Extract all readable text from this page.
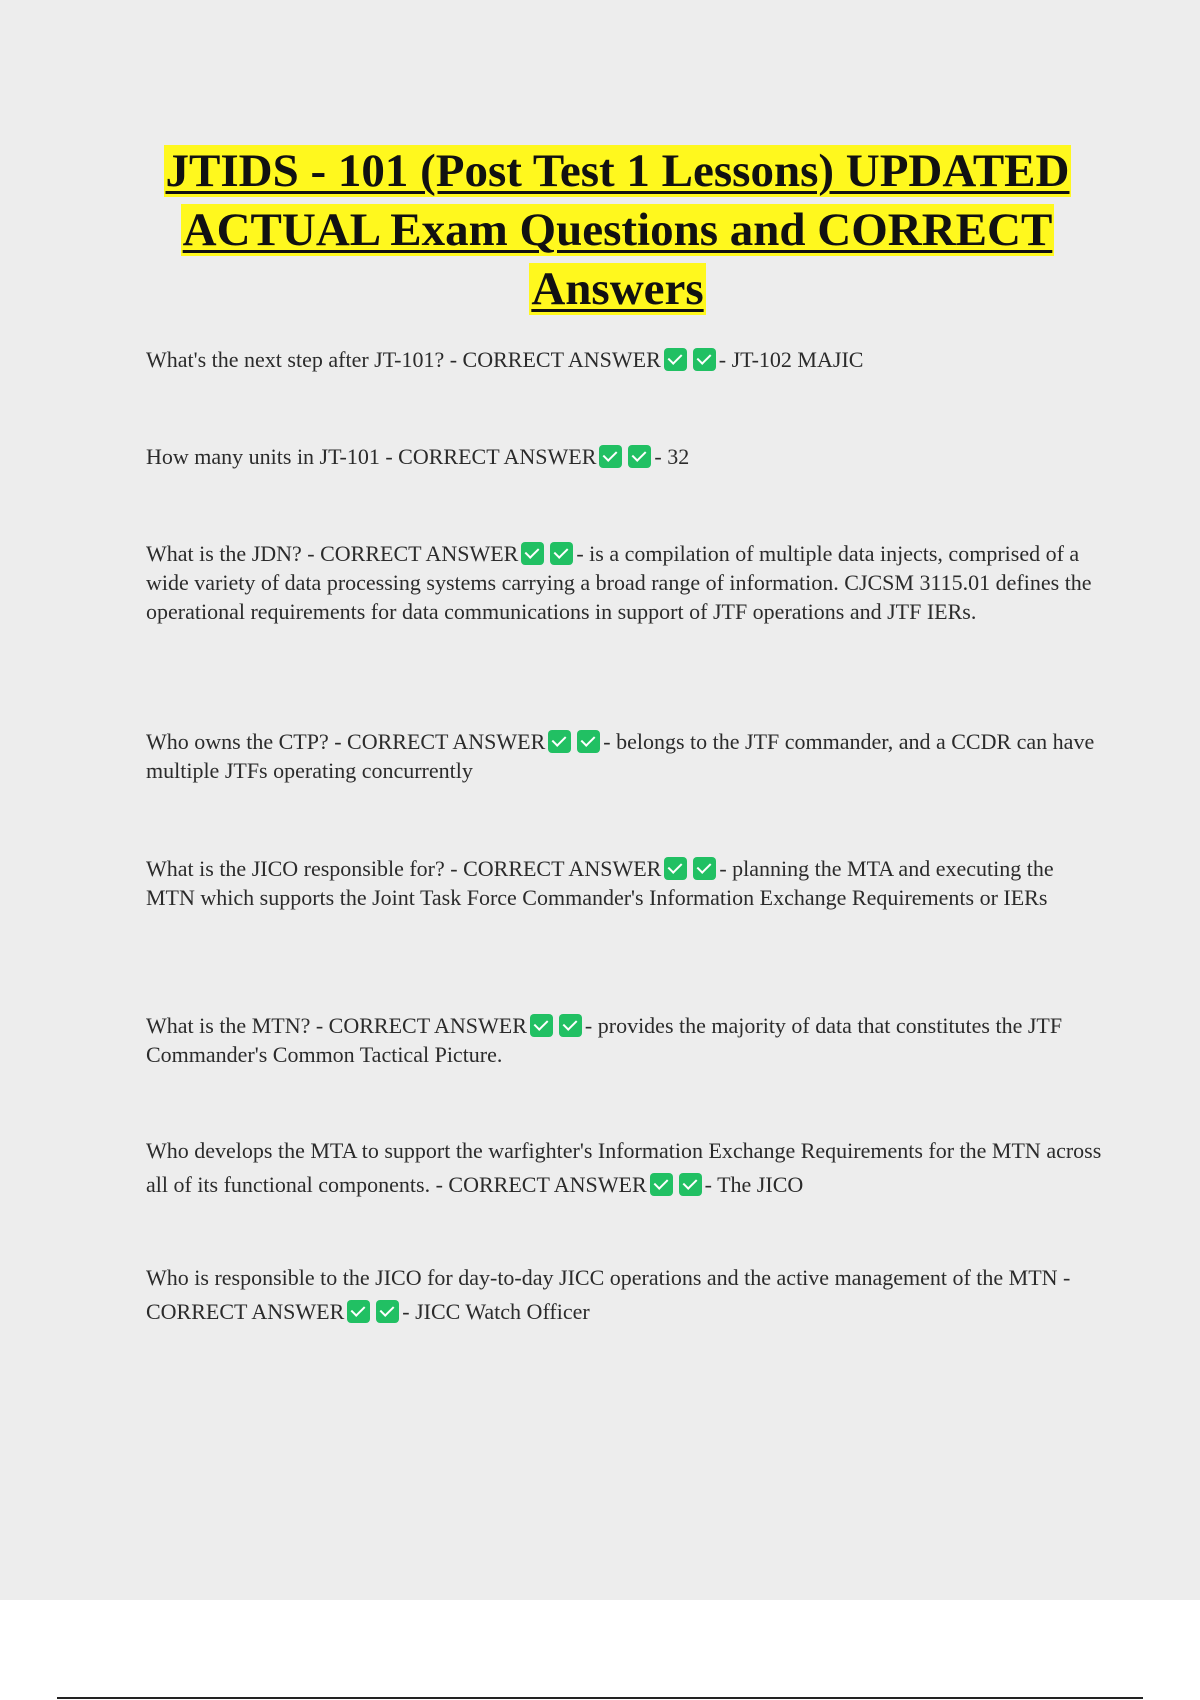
JTIDS - 101 (Post Test 1 Lessons) UPDATED ACTUAL Exam Questions and CORRECT Answers

What's the next step after JT-101? - CORRECT ANSWER	- JT-102 MAJIC

How many units in JT-101 - CORRECT ANSWER	- 32

What is the JDN? - CORRECT ANSWER	- is a compilation of multiple data injects, comprised of a wide variety of data processing systems carrying a broad range of information. CJCSM 3115.01 defines the operational requirements for data communications in support of JTF operations and JTF IERs.

Who owns the CTP? - CORRECT ANSWER	- belongs to the JTF commander, and a CCDR can have multiple JTFs operating concurrently

What is the JICO responsible for? - CORRECT ANSWER	- planning the MTA and executing the MTN which supports the Joint Task Force Commander's Information Exchange Requirements or IERs

What is the MTN? - CORRECT ANSWER	- provides the majority of data that constitutes the JTF Commander's Common Tactical Picture.

Who develops the MTA to support the warfighter's Information Exchange Requirements for the MTN across all of its functional components. - CORRECT ANSWER	- The JICO

Who is responsible to the JICO for day-to-day JICC operations and the active management of the MTN - CORRECT ANSWER	- JICC Watch Officer
